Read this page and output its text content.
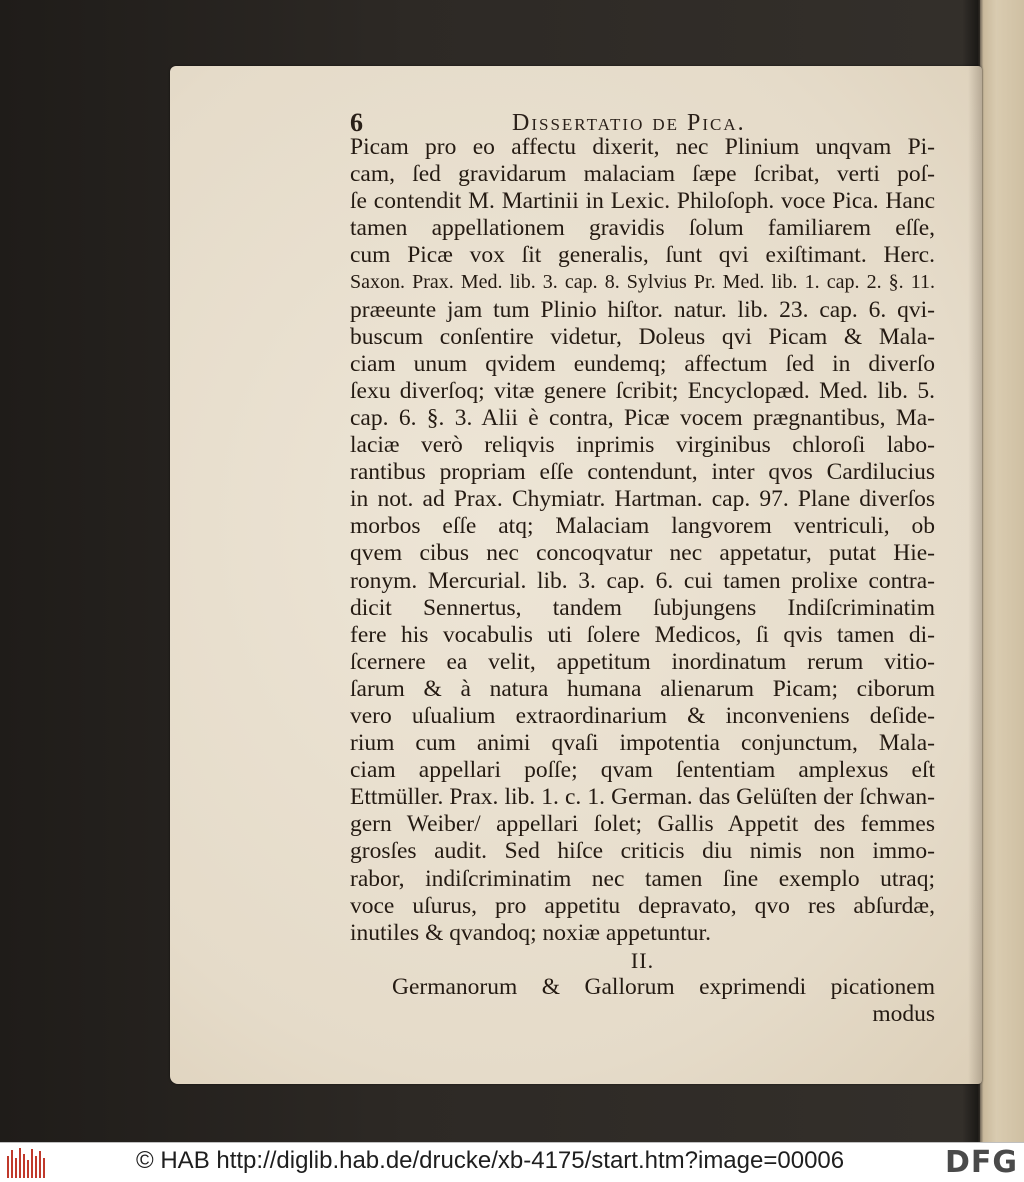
6	Dissertatio de Pica.
Picam pro eo affectu dixerit, nec Plinium unqvam Pi-
cam, ſed gravidarum malaciam ſæpe ſcribat, verti poſ-
ſe contendit M. Martinii in Lexic. Philoſoph. voce Pica. Hanc
tamen appellationem gravidis ſolum familiarem eſſe,
cum Picæ vox ſit generalis, ſunt qvi exiſtimant. Herc.
Saxon. Prax. Med. lib. 3. cap. 8. Sylvius Pr. Med. lib. 1. cap. 2. §. 11.
præeunte jam tum Plinio hiſtor. natur. lib. 23. cap. 6. qvi-
buscum conſentire videtur, Doleus qvi Picam & Mala-
ciam unum qvidem eundemq; affectum ſed in diverſo
ſexu diverſoq; vitæ genere ſcribit; Encyclopæd. Med. lib. 5.
cap. 6. §. 3. Alii è contra, Picæ vocem prægnantibus, Ma-
laciæ verò reliqvis inprimis virginibus chloroſi labo-
rantibus propriam eſſe contendunt, inter qvos Cardilucius
in not. ad Prax. Chymiatr. Hartman. cap. 97. Plane diverſos
morbos eſſe atq; Malaciam langvorem ventriculi, ob
qvem cibus nec concoqvatur nec appetatur, putat Hie-
ronym. Mercurial. lib. 3. cap. 6. cui tamen prolixe contra-
dicit Sennertus, tandem ſubjungens Indiſcriminatim
fere his vocabulis uti ſolere Medicos, ſi qvis tamen di-
ſcernere ea velit, appetitum inordinatum rerum vitio-
ſarum & à natura humana alienarum Picam; ciborum
vero uſualium extraordinarium & inconveniens deſide-
rium cum animi qvaſi impotentia conjunctum, Mala-
ciam appellari poſſe; qvam ſententiam amplexus eſt
Ettmüller. Prax. lib. 1. c. 1. German. das Gelüſten der ſchwan-
gern Weiber/ appellari ſolet; Gallis Appetit des femmes
grosſes audit. Sed hiſce criticis diu nimis non immo-
rabor, indiſcriminatim nec tamen ſine exemplo utraq;
voce uſurus, pro appetitu depravato, qvo res abſurdæ,
inutiles & qvandoq; noxiæ appetuntur.
II.
Germanorum & Gallorum exprimendi picationem
modus
© HAB http://diglib.hab.de/drucke/xb-4175/start.htm?image=00006	DFG
